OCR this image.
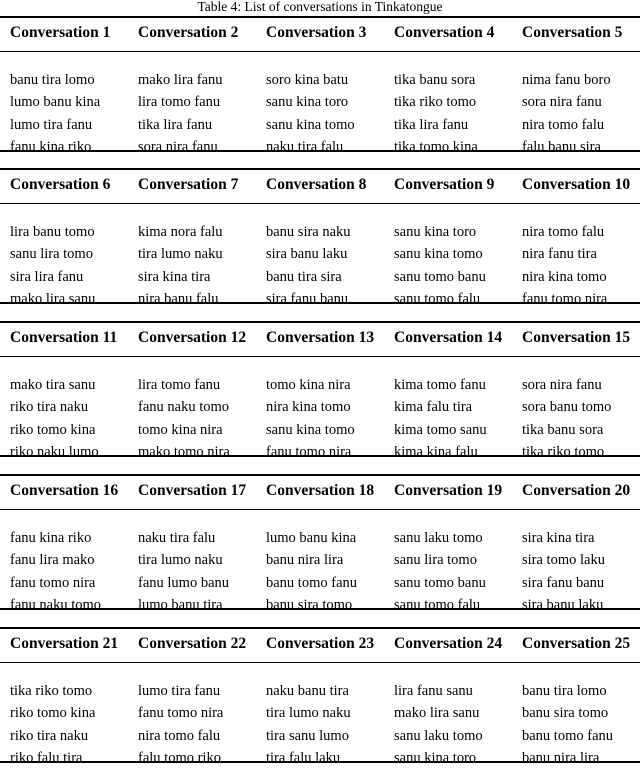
Table 4: List of conversations in Tinkatongue
Conversation 1
banu tira lomo
lumo banu kina
lumo tira fanu
fanu kina riko
Conversation 2
mako lira fanu
lira tomo fanu
tika lira fanu
sora nira fanu
Conversation 3
soro kina batu
sanu kina toro
sanu kina tomo
naku tira falu
Conversation 4
tika banu sora
tika riko tomo
tika lira fanu
tika tomo kina
Conversation 5
nima fanu boro
sora nira fanu
nira tomo falu
falu banu sira
Conversation 6
lira banu tomo
sanu lira tomo
sira lira fanu
mako lira sanu
Conversation 7
kima nora falu
tira lumo naku
sira kina tira
nira banu falu
Conversation 8
banu sira naku
sira banu laku
banu tira sira
sira fanu banu
Conversation 9
sanu kina toro
sanu kina tomo
sanu tomo banu
sanu tomo falu
Conversation 10
nira tomo falu
nira fanu tira
nira kina tomo
fanu tomo nira
Conversation 11
mako tira sanu
riko tira naku
riko tomo kina
riko naku lumo
Conversation 12
lira tomo fanu
fanu naku tomo
tomo kina nira
mako tomo nira
Conversation 13
tomo kina nira
nira kina tomo
sanu kina tomo
fanu tomo nira
Conversation 14
kima tomo fanu
kima falu tira
kima tomo sanu
kima kina falu
Conversation 15
sora nira fanu
sora banu tomo
tika banu sora
tika riko tomo
Conversation 16
fanu kina riko
fanu lira mako
fanu tomo nira
fanu naku tomo
Conversation 17
naku tira falu
tira lumo naku
fanu lumo banu
lumo banu tira
Conversation 18
lumo banu kina
banu nira lira
banu tomo fanu
banu sira tomo
Conversation 19
sanu laku tomo
sanu lira tomo
sanu tomo banu
sanu tomo falu
Conversation 20
sira kina tira
sira tomo laku
sira fanu banu
sira banu laku
Conversation 21
tika riko tomo
riko tomo kina
riko tira naku
riko falu tira
Conversation 22
lumo tira fanu
fanu tomo nira
nira tomo falu
falu tomo riko
Conversation 23
naku banu tira
tira lumo naku
tira sanu lumo
tira falu laku
Conversation 24
lira fanu sanu
mako lira sanu
sanu laku tomo
sanu kina toro
Conversation 25
banu tira lomo
banu sira tomo
banu tomo fanu
banu nira lira
